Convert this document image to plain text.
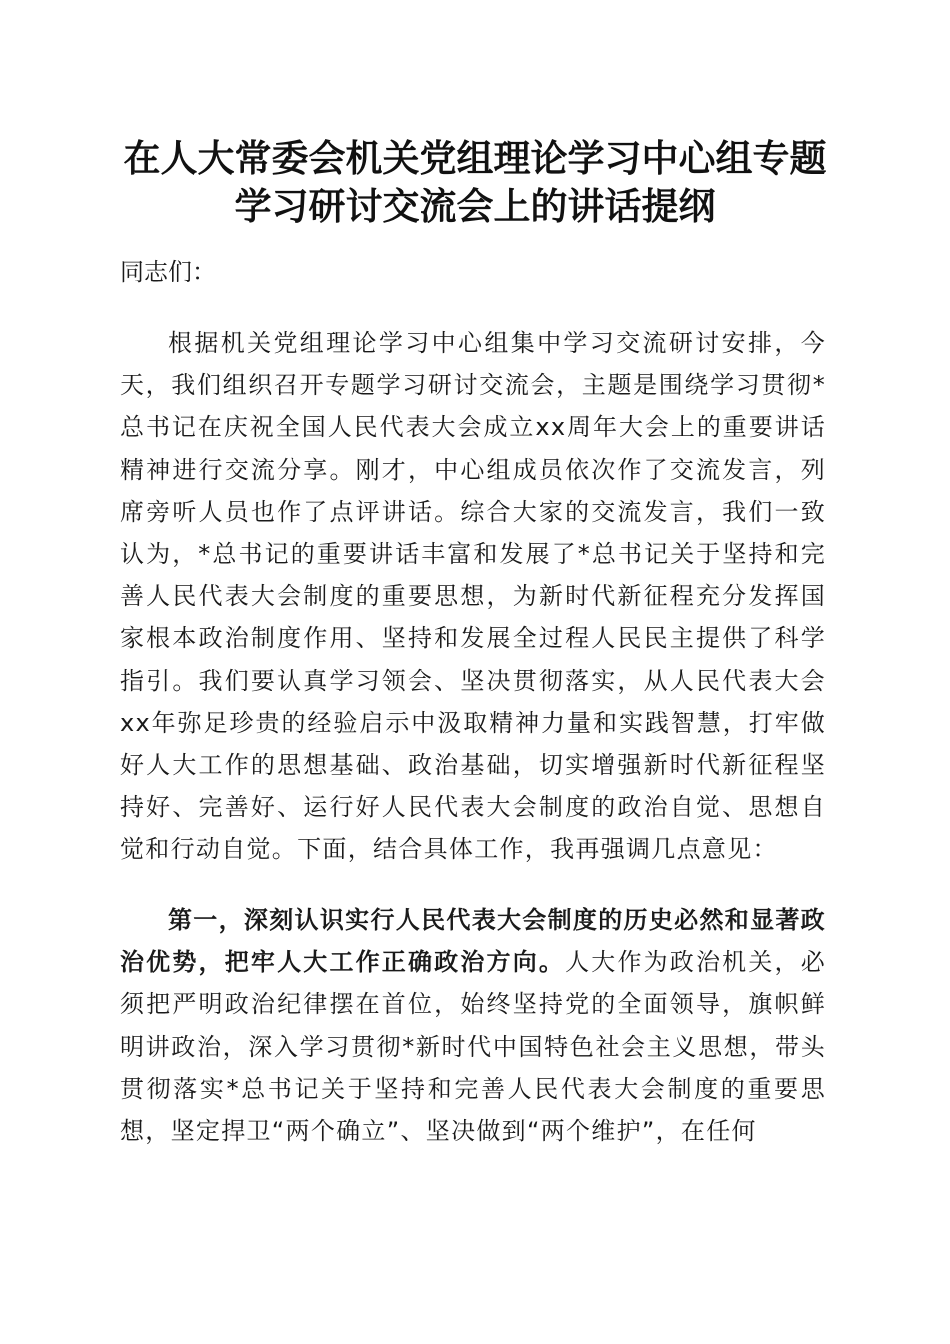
在人大常委会机关党组理论学习中心组专题学习研讨交流会上的讲话提纲

同志们：

根据机关党组理论学习中心组集中学习交流研讨安排，今天，我们组织召开专题学习研讨交流会，主题是围绕学习贯彻*总书记在庆祝全国人民代表大会成立xx周年大会上的重要讲话精神进行交流分享。刚才，中心组成员依次作了交流发言，列席旁听人员也作了点评讲话。综合大家的交流发言，我们一致认为，*总书记的重要讲话丰富和发展了*总书记关于坚持和完善人民代表大会制度的重要思想，为新时代新征程充分发挥国家根本政治制度作用、坚持和发展全过程人民民主提供了科学指引。我们要认真学习领会、坚决贯彻落实，从人民代表大会xx年弥足珍贵的经验启示中汲取精神力量和实践智慧，打牢做好人大工作的思想基础、政治基础，切实增强新时代新征程坚持好、完善好、运行好人民代表大会制度的政治自觉、思想自觉和行动自觉。下面，结合具体工作，我再强调几点意见：

第一，深刻认识实行人民代表大会制度的历史必然和显著政治优势，把牢人大工作正确政治方向。人大作为政治机关，必须把严明政治纪律摆在首位，始终坚持党的全面领导，旗帜鲜明讲政治，深入学习贯彻*新时代中国特色社会主义思想，带头贯彻落实*总书记关于坚持和完善人民代表大会制度的重要思想，坚定捍卫“两个确立”、坚决做到“两个维护”，在任何
